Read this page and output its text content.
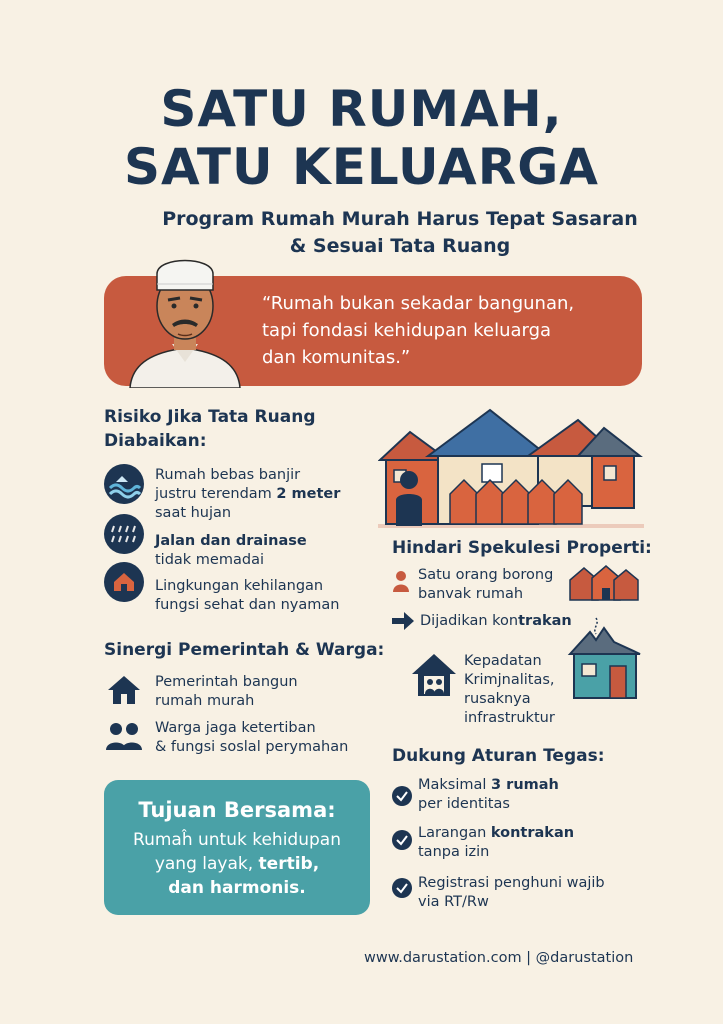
SATU RUMAH,
SATU KELUARGA
Program Rumah Murah Harus Tepat Sasaran
& Sesuai Tata Ruang
“Rumah bukan sekadar bangunan,
tapi fondasi kehidupan keluarga
dan komunitas.”
Risiko Jika Tata Ruang
Diabaikan:
Rumah bebas banjir
justru terendam 2 meter
saat hujan
Jalan dan drainase
tidak memadai
Lingkungan kehilangan
fungsi sehat dan nyaman
Sinergi Pemerintah & Warga:
Pemerintah bangun
rumah murah
Warga jaga ketertiban
& fungsi soslal perymahan
Tujuan Bersama:
Rumaĥ untuk kehidupan
yang layak, tertib,
dan harmonis.
Hindari Spekulesi Properti:
Satu orang borong
banvak rumah
Dijadikan kontrakan
Kepadatan
Krimjnalitas,
rusaknya
infrastruktur
Dukung Aturan Tegas:
Maksimal 3 rumah
per identitas
Larangan kontrakan
tanpa izin
Registrasi penghuni wajib
via RT/Rw
www.darustation.com | @darustation
